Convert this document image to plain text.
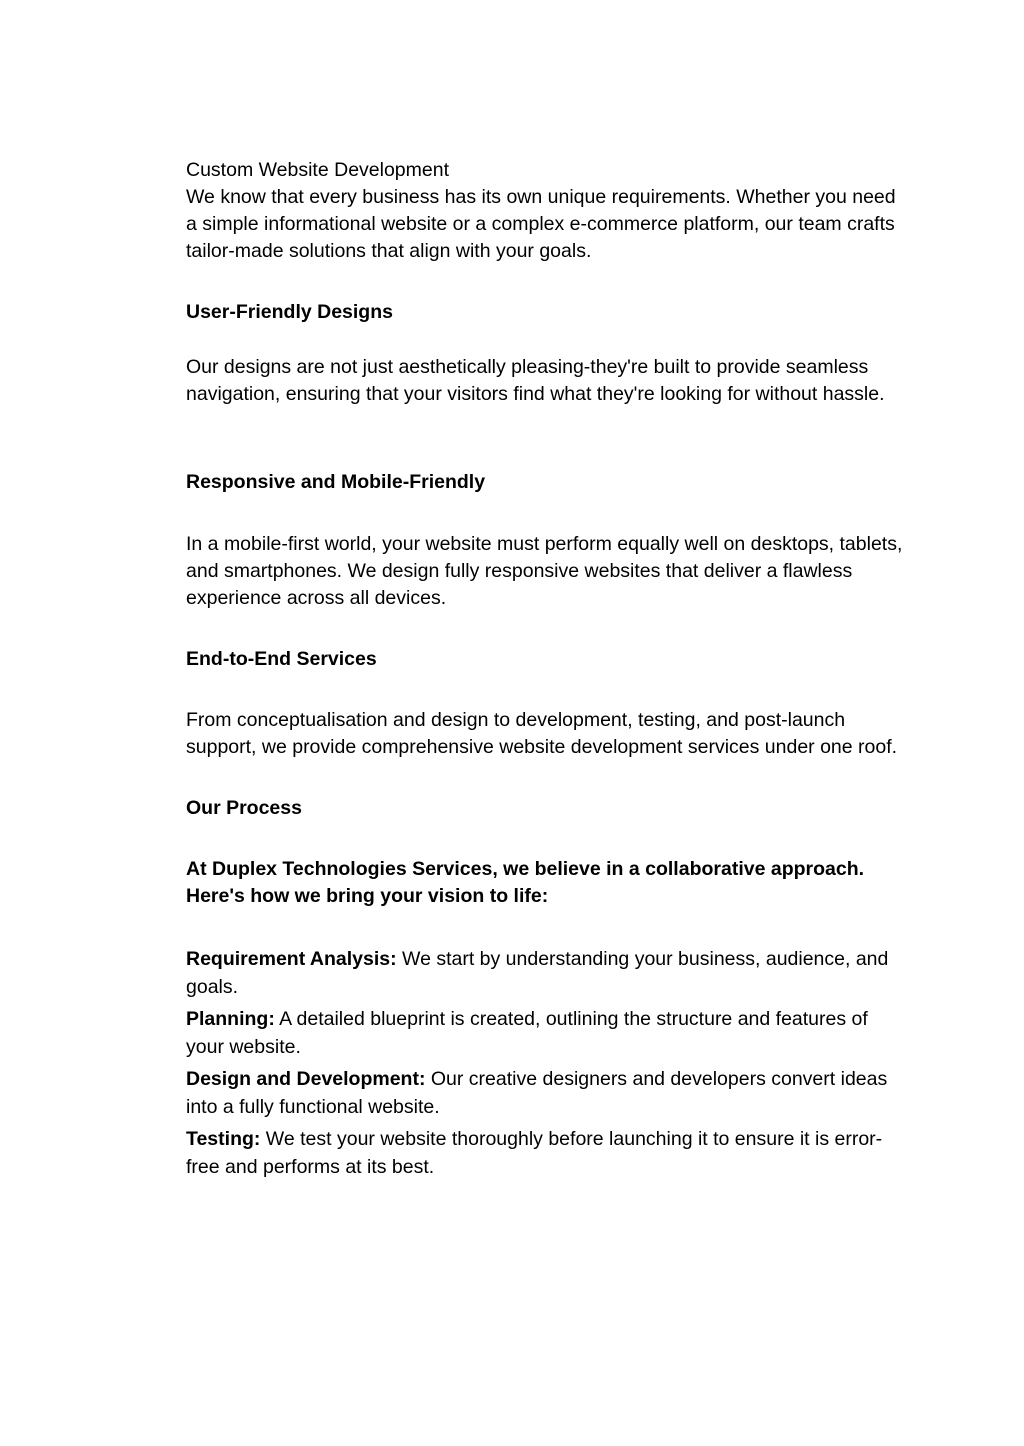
Custom Website Development

We know that every business has its own unique requirements. Whether you need a simple informational website or a complex e-commerce platform, our team crafts tailor-made solutions that align with your goals.

User-Friendly Designs

Our designs are not just aesthetically pleasing-they're built to provide seamless navigation, ensuring that your visitors find what they're looking for without hassle.

Responsive and Mobile-Friendly

In a mobile-first world, your website must perform equally well on desktops, tablets, and smartphones. We design fully responsive websites that deliver a flawless experience across all devices.

End-to-End Services

From conceptualisation and design to development, testing, and post-launch support, we provide comprehensive website development services under one roof.

Our Process

At Duplex Technologies Services, we believe in a collaborative approach. Here's how we bring your vision to life:

Requirement Analysis: We start by understanding your business, audience, and goals.

Planning: A detailed blueprint is created, outlining the structure and features of your website.

Design and Development: Our creative designers and developers convert ideas into a fully functional website.

Testing: We test your website thoroughly before launching it to ensure it is error-free and performs at its best.
